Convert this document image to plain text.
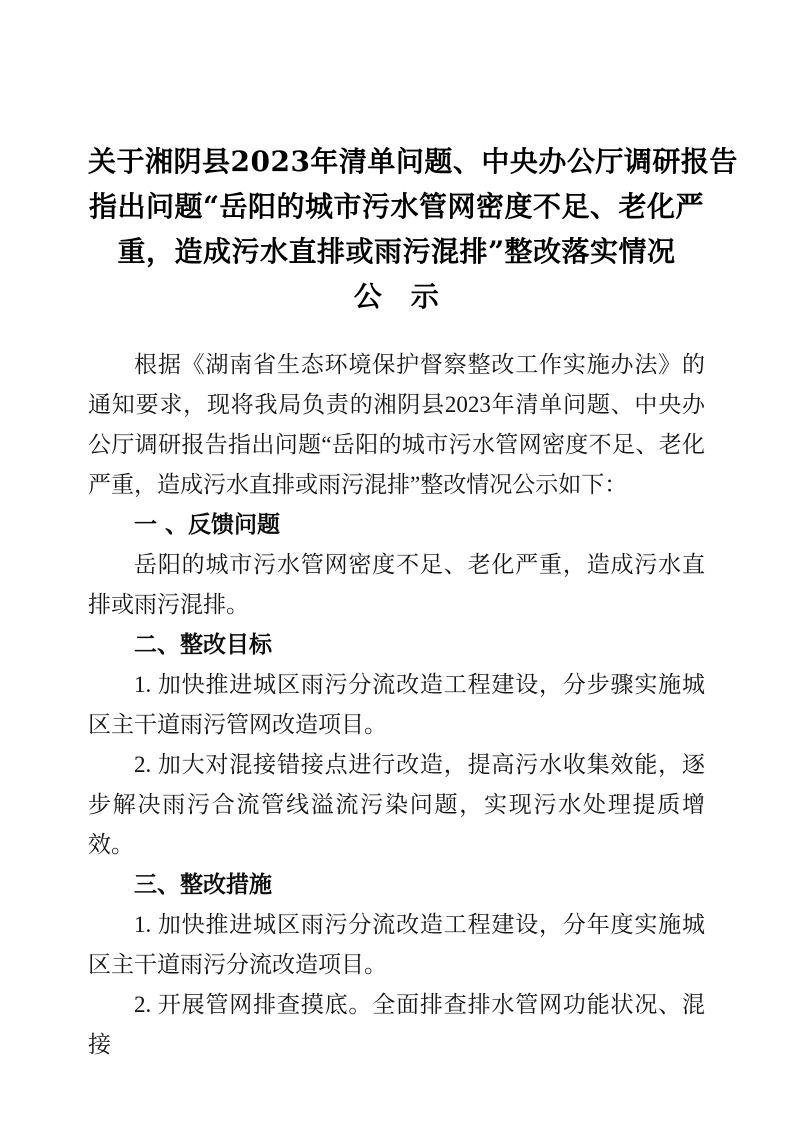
关于湘阴县2023年清单问题、中央办公厅调研报告
指出问题“岳阳的城市污水管网密度不足、老化严
重，造成污水直排或雨污混排”整改落实情况
公　示

根据《湖南省生态环境保护督察整改工作实施办法》的通知要求，现将我局负责的湘阴县2023年清单问题、中央办公厅调研报告指出问题“岳阳的城市污水管网密度不足、老化严重，造成污水直排或雨污混排”整改情况公示如下：

一 、反馈问题

岳阳的城市污水管网密度不足、老化严重，造成污水直排或雨污混排。

二、整改目标

1. 加快推进城区雨污分流改造工程建设，分步骤实施城区主干道雨污管网改造项目。

2. 加大对混接错接点进行改造，提高污水收集效能，逐步解决雨污合流管线溢流污染问题，实现污水处理提质增效。

三、整改措施

1. 加快推进城区雨污分流改造工程建设，分年度实施城区主干道雨污分流改造项目。

2. 开展管网排查摸底。全面排查排水管网功能状况、混接
